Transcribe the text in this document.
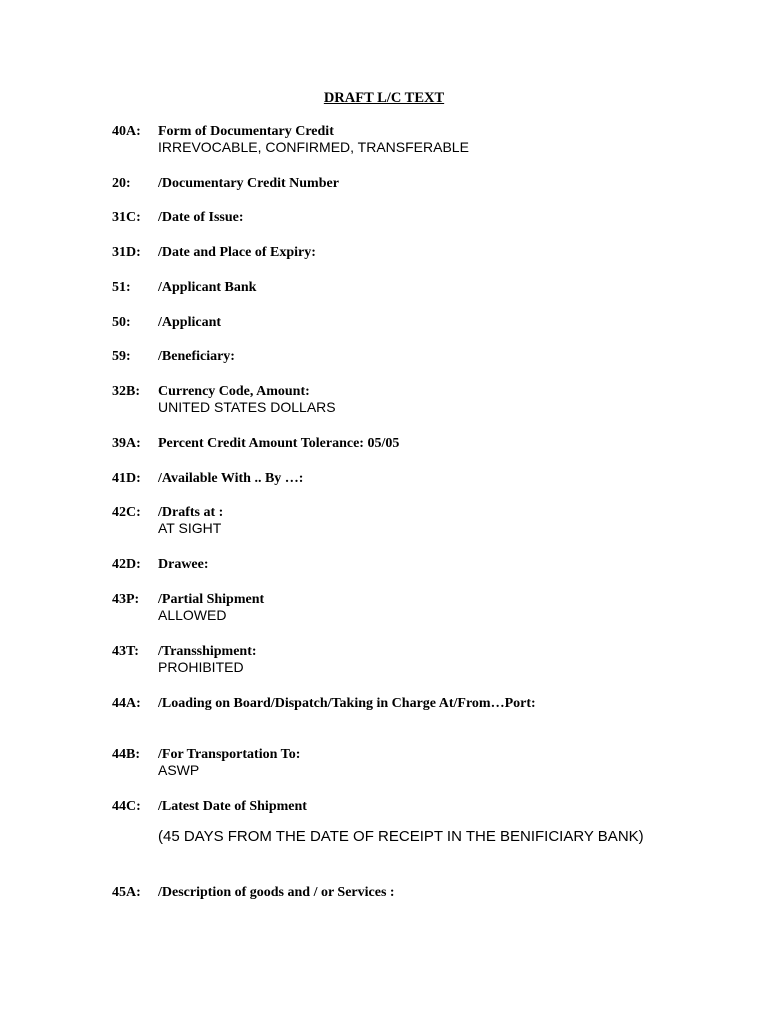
DRAFT L/C TEXT
40A: Form of Documentary Credit
IRREVOCABLE, CONFIRMED, TRANSFERABLE
20: /Documentary Credit Number
31C: /Date of Issue:
31D: /Date and Place of Expiry:
51: /Applicant Bank
50: /Applicant
59: /Beneficiary:
32B: Currency Code, Amount:
UNITED STATES DOLLARS
39A: Percent Credit Amount Tolerance: 05/05
41D: /Available With .. By …:
42C: /Drafts at :
AT SIGHT
42D: Drawee:
43P: /Partial Shipment
ALLOWED
43T: /Transshipment:
PROHIBITED
44A: /Loading on Board/Dispatch/Taking in Charge At/From…Port:
44B: /For Transportation To:
ASWP
44C: /Latest Date of Shipment
(45 DAYS FROM THE DATE OF RECEIPT IN THE BENIFICIARY BANK)
45A: /Description of goods and / or Services :
